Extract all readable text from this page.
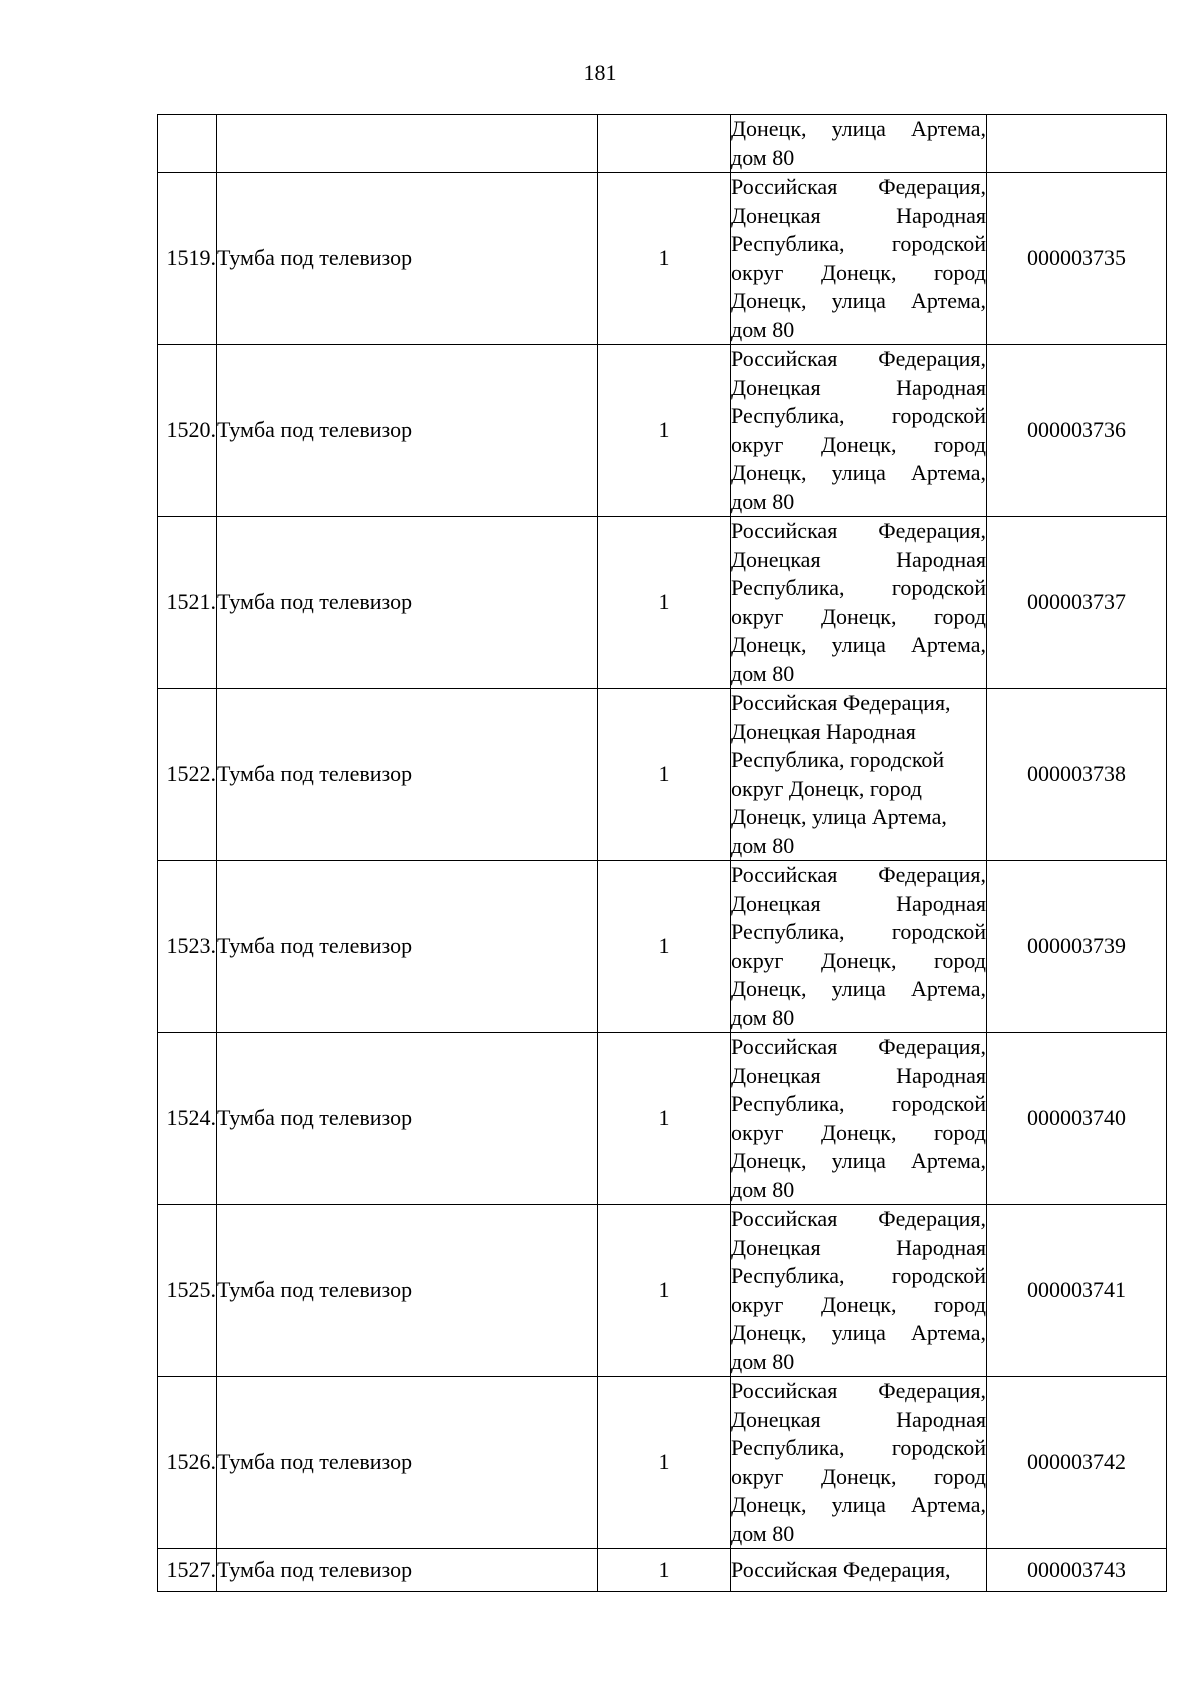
181
			Донецк, улица Артема, дом 80	
1519.	Тумба под телевизор	1	Российская Федерация, Донецкая Народная Республика, городской округ Донецк, город Донецк, улица Артема, дом 80	000003735
1520.	Тумба под телевизор	1	Российская Федерация, Донецкая Народная Республика, городской округ Донецк, город Донецк, улица Артема, дом 80	000003736
1521.	Тумба под телевизор	1	Российская Федерация, Донецкая Народная Республика, городской округ Донецк, город Донецк, улица Артема, дом 80	000003737
1522.	Тумба под телевизор	1	Российская Федерация, Донецкая Народная Республика, городской округ Донецк, город Донецк, улица Артема, дом 80	000003738
1523.	Тумба под телевизор	1	Российская Федерация, Донецкая Народная Республика, городской округ Донецк, город Донецк, улица Артема, дом 80	000003739
1524.	Тумба под телевизор	1	Российская Федерация, Донецкая Народная Республика, городской округ Донецк, город Донецк, улица Артема, дом 80	000003740
1525.	Тумба под телевизор	1	Российская Федерация, Донецкая Народная Республика, городской округ Донецк, город Донецк, улица Артема, дом 80	000003741
1526.	Тумба под телевизор	1	Российская Федерация, Донецкая Народная Республика, городской округ Донецк, город Донецк, улица Артема, дом 80	000003742
1527.	Тумба под телевизор	1	Российская Федерация,	000003743
